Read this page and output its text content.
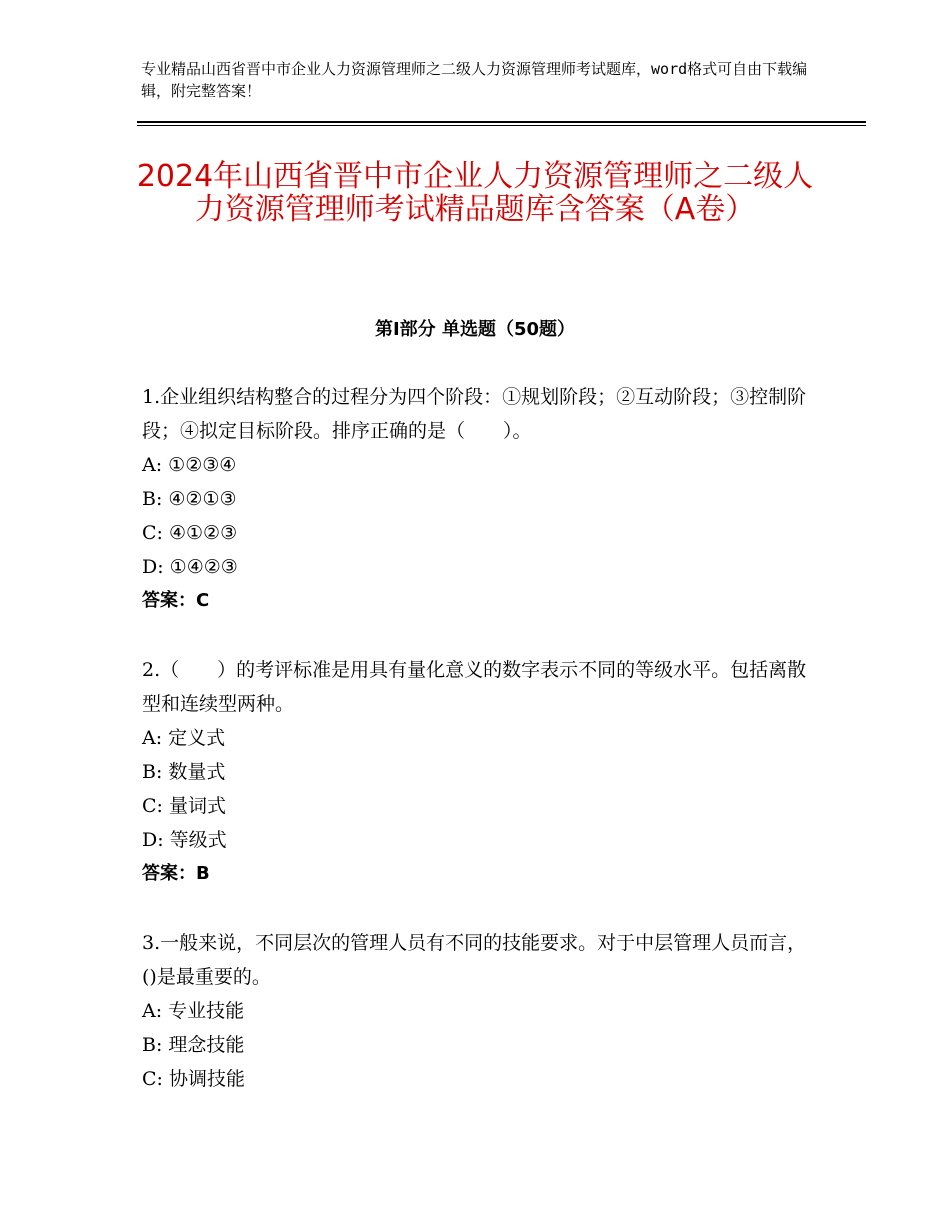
专业精品山西省晋中市企业人力资源管理师之二级人力资源管理师考试题库，word格式可自由下载编辑，附完整答案！
2024年山西省晋中市企业人力资源管理师之二级人力资源管理师考试精品题库含答案（A卷）
第Ⅰ部分 单选题（50题）
1.企业组织结构整合的过程分为四个阶段：①规划阶段；②互动阶段；③控制阶段；④拟定目标阶段。排序正确的是（　　）。
A: ①②③④
B: ④②①③
C: ④①②③
D: ①④②③
答案：C
2.（　　）的考评标准是用具有量化意义的数字表示不同的等级水平。包括离散型和连续型两种。
A: 定义式
B: 数量式
C: 量词式
D: 等级式
答案：B
3.一般来说，不同层次的管理人员有不同的技能要求。对于中层管理人员而言，()是最重要的。
A: 专业技能
B: 理念技能
C: 协调技能
